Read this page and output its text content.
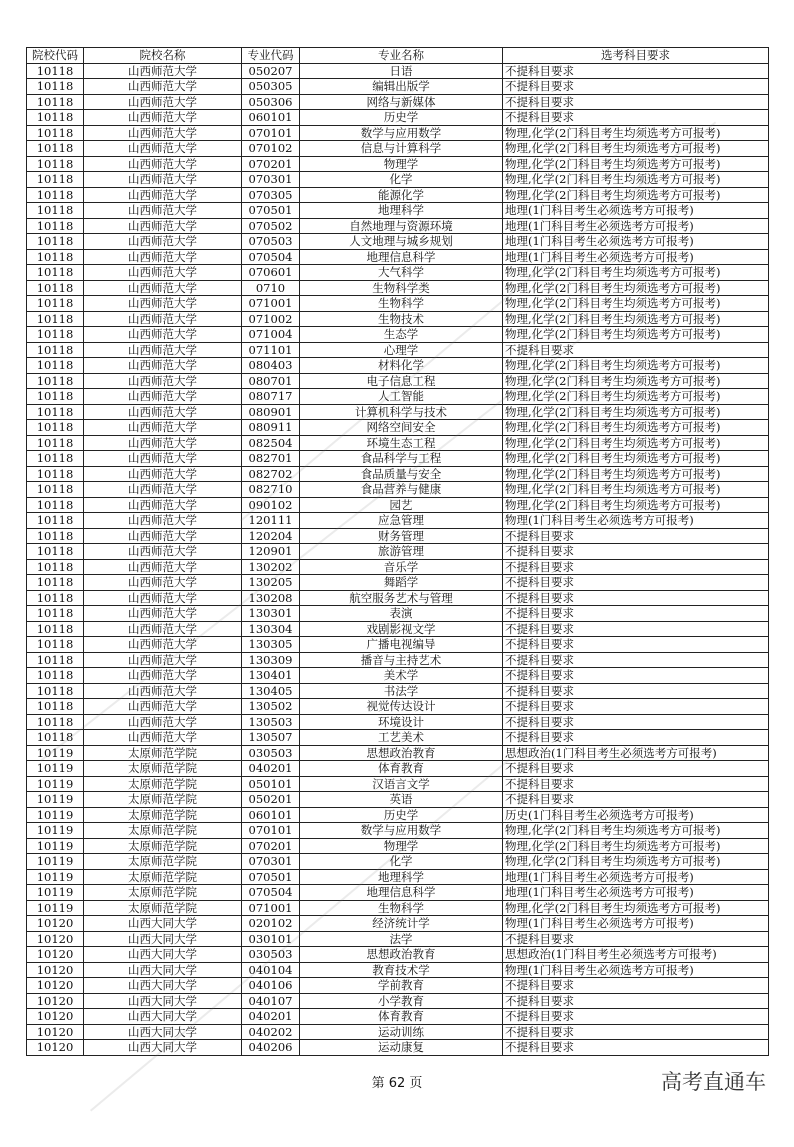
院校代码	院校名称	专业代码	专业名称	选考科目要求
10118	山西师范大学	050207	日语	不提科目要求
10118	山西师范大学	050305	编辑出版学	不提科目要求
10118	山西师范大学	050306	网络与新媒体	不提科目要求
10118	山西师范大学	060101	历史学	不提科目要求
10118	山西师范大学	070101	数学与应用数学	物理,化学(2门科目考生均须选考方可报考)
10118	山西师范大学	070102	信息与计算科学	物理,化学(2门科目考生均须选考方可报考)
10118	山西师范大学	070201	物理学	物理,化学(2门科目考生均须选考方可报考)
10118	山西师范大学	070301	化学	物理,化学(2门科目考生均须选考方可报考)
10118	山西师范大学	070305	能源化学	物理,化学(2门科目考生均须选考方可报考)
10118	山西师范大学	070501	地理科学	地理(1门科目考生必须选考方可报考)
10118	山西师范大学	070502	自然地理与资源环境	地理(1门科目考生必须选考方可报考)
10118	山西师范大学	070503	人文地理与城乡规划	地理(1门科目考生必须选考方可报考)
10118	山西师范大学	070504	地理信息科学	地理(1门科目考生必须选考方可报考)
10118	山西师范大学	070601	大气科学	物理,化学(2门科目考生均须选考方可报考)
10118	山西师范大学	0710	生物科学类	物理,化学(2门科目考生均须选考方可报考)
10118	山西师范大学	071001	生物科学	物理,化学(2门科目考生均须选考方可报考)
10118	山西师范大学	071002	生物技术	物理,化学(2门科目考生均须选考方可报考)
10118	山西师范大学	071004	生态学	物理,化学(2门科目考生均须选考方可报考)
10118	山西师范大学	071101	心理学	不提科目要求
10118	山西师范大学	080403	材料化学	物理,化学(2门科目考生均须选考方可报考)
10118	山西师范大学	080701	电子信息工程	物理,化学(2门科目考生均须选考方可报考)
10118	山西师范大学	080717	人工智能	物理,化学(2门科目考生均须选考方可报考)
10118	山西师范大学	080901	计算机科学与技术	物理,化学(2门科目考生均须选考方可报考)
10118	山西师范大学	080911	网络空间安全	物理,化学(2门科目考生均须选考方可报考)
10118	山西师范大学	082504	环境生态工程	物理,化学(2门科目考生均须选考方可报考)
10118	山西师范大学	082701	食品科学与工程	物理,化学(2门科目考生均须选考方可报考)
10118	山西师范大学	082702	食品质量与安全	物理,化学(2门科目考生均须选考方可报考)
10118	山西师范大学	082710	食品营养与健康	物理,化学(2门科目考生均须选考方可报考)
10118	山西师范大学	090102	园艺	物理,化学(2门科目考生均须选考方可报考)
10118	山西师范大学	120111	应急管理	物理(1门科目考生必须选考方可报考)
10118	山西师范大学	120204	财务管理	不提科目要求
10118	山西师范大学	120901	旅游管理	不提科目要求
10118	山西师范大学	130202	音乐学	不提科目要求
10118	山西师范大学	130205	舞蹈学	不提科目要求
10118	山西师范大学	130208	航空服务艺术与管理	不提科目要求
10118	山西师范大学	130301	表演	不提科目要求
10118	山西师范大学	130304	戏剧影视文学	不提科目要求
10118	山西师范大学	130305	广播电视编导	不提科目要求
10118	山西师范大学	130309	播音与主持艺术	不提科目要求
10118	山西师范大学	130401	美术学	不提科目要求
10118	山西师范大学	130405	书法学	不提科目要求
10118	山西师范大学	130502	视觉传达设计	不提科目要求
10118	山西师范大学	130503	环境设计	不提科目要求
10118	山西师范大学	130507	工艺美术	不提科目要求
10119	太原师范学院	030503	思想政治教育	思想政治(1门科目考生必须选考方可报考)
10119	太原师范学院	040201	体育教育	不提科目要求
10119	太原师范学院	050101	汉语言文学	不提科目要求
10119	太原师范学院	050201	英语	不提科目要求
10119	太原师范学院	060101	历史学	历史(1门科目考生必须选考方可报考)
10119	太原师范学院	070101	数学与应用数学	物理,化学(2门科目考生均须选考方可报考)
10119	太原师范学院	070201	物理学	物理,化学(2门科目考生均须选考方可报考)
10119	太原师范学院	070301	化学	物理,化学(2门科目考生均须选考方可报考)
10119	太原师范学院	070501	地理科学	地理(1门科目考生必须选考方可报考)
10119	太原师范学院	070504	地理信息科学	地理(1门科目考生必须选考方可报考)
10119	太原师范学院	071001	生物科学	物理,化学(2门科目考生均须选考方可报考)
10120	山西大同大学	020102	经济统计学	物理(1门科目考生必须选考方可报考)
10120	山西大同大学	030101	法学	不提科目要求
10120	山西大同大学	030503	思想政治教育	思想政治(1门科目考生必须选考方可报考)
10120	山西大同大学	040104	教育技术学	物理(1门科目考生必须选考方可报考)
10120	山西大同大学	040106	学前教育	不提科目要求
10120	山西大同大学	040107	小学教育	不提科目要求
10120	山西大同大学	040201	体育教育	不提科目要求
10120	山西大同大学	040202	运动训练	不提科目要求
10120	山西大同大学	040206	运动康复	不提科目要求
第 62 页	高考直通车
